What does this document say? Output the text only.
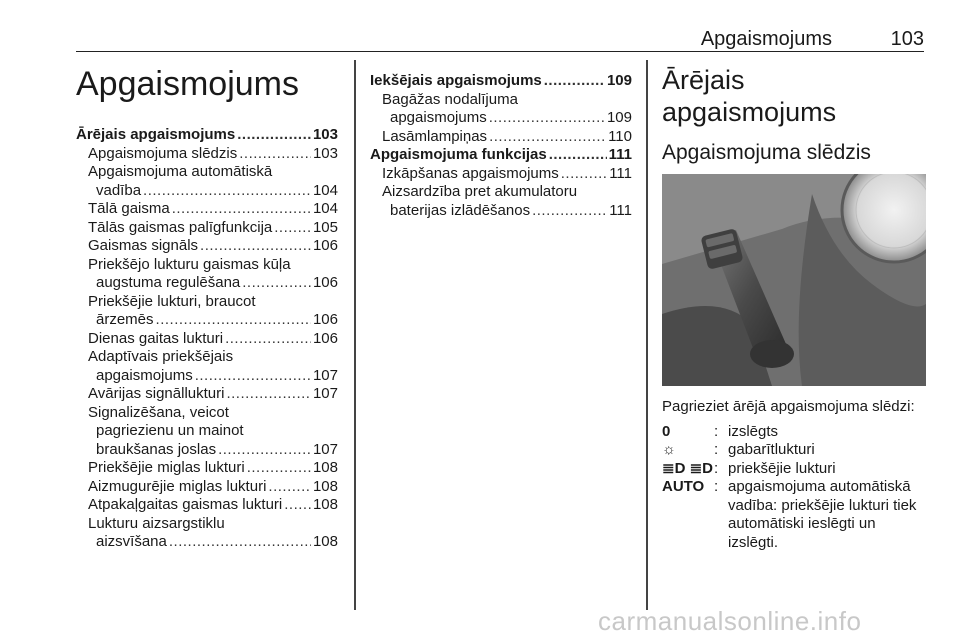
Apgaismojums	103
Apgaismojums
Ārējais apgaismojums .....	103
Apgaismojuma slēdzis .....	103
Apgaismojuma automātiskā
vadība .....	104
Tālā gaisma .....	104
Tālās gaismas palīgfunkcija .....	105
Gaismas signāls .....	106
Priekšējo lukturu gaismas kūļa
augstuma regulēšana .....	106
Priekšējie lukturi, braucot
ārzemēs .....	106
Dienas gaitas lukturi .....	106
Adaptīvais priekšējais
apgaismojums .....	107
Avārijas signāllukturi .....	107
Signalizēšana, veicot
pagriezienu un mainot
braukšanas joslas .....	107
Priekšējie miglas lukturi .....	108
Aizmugurējie miglas lukturi .....	108
Atpakaļgaitas gaismas lukturi ..... 108
Lukturu aizsargstiklu
aizsvīšana .....	108
Iekšējais apgaismojums .....	109
Bagāžas nodalījuma
apgaismojums .....	109
Lasāmlampiņas .....	110
Apgaismojuma funkcijas .....	111
Izkāpšanas apgaismojums .....	111
Aizsardzība pret akumulatoru
baterijas izlādēšanos .....	111
Ārējais apgaismojums
Apgaismojuma slēdzis
Pagrieziet ārējā apgaismojuma slēdzi:
0	: izslēgts
☼	: gabarītlukturi
≣D ≣D : priekšējie lukturi
AUTO : apgaismojuma automātiskā vadība: priekšējie lukturi tiek automātiski ieslēgti un izslēgti.
carmanualsonline.info
